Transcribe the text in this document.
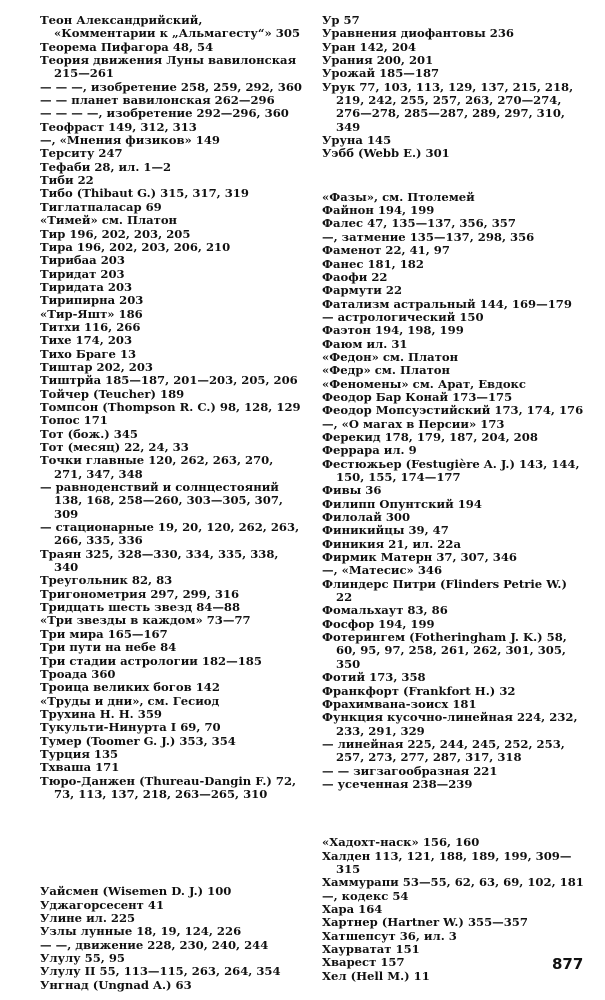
Теон Александрийский, «Комментарии к „Альмагесту“» 305
Теорема Пифагора 48, 54
Теория движения Луны вавилонская 215—261
— — —, изобретение 258, 259, 292, 360
— — планет вавилонская 262—296
— — — —, изобретение 292—296, 360
Теофраст 149, 312, 313
—, «Мнения физиков» 149
Терситу 247
Тефаби 28, ил. 1—2
Тиби 22
Тибо (Thibaut G.) 315, 317, 319
Тиглатпаласар 69
«Тимей» см. Платон
Тир 196, 202, 203, 205
Тира 196, 202, 203, 206, 210
Тирибаа 203
Тиридат 203
Тиридата 203
Тирипирна 203
«Тир-Яшт» 186
Титхи 116, 266
Тихе 174, 203
Тихо Браге 13
Тиштар 202, 203
Тиштрйа 185—187, 201—203, 205, 206
Тойчер (Teucher) 189
Томпсон (Thompson R. C.) 98, 128, 129
Топос 171
Тот (бож.) 345
Тот (месяц) 22, 24, 33
Точки главные 120, 262, 263, 270, 271, 347, 348
— равноденствий и солнцестояний 138, 168, 258—260, 303—305, 307, 309
— стационарные 19, 20, 120, 262, 263, 266, 335, 336
Траян 325, 328—330, 334, 335, 338, 340
Треугольник 82, 83
Тригонометрия 297, 299, 316
Тридцать шесть звезд 84—88
«Три звезды в каждом» 73—77
Три мира 165—167
Три пути на небе 84
Три стадии астрологии 182—185
Троада 360
Троица великих богов 142
«Труды и дни», см. Гесиод
Трухина Н. Н. 359
Тукульти-Нинурта I 69, 70
Тумер (Toomer G. J.) 353, 354
Турция 135
Тхваша 171
Тюро-Данжен (Thureau-Dangin F.) 72, 73, 113, 137, 218, 263—265, 310
Уайсмен (Wisemen D. J.) 100
Уджагорсесент 41
Улине ил. 225
Узлы лунные 18, 19, 124, 226
— —, движение 228, 230, 240, 244
Улулу 55, 95
Улулу II 55, 113—115, 263, 264, 354
Унгнад (Ungnad A.) 63
Ур 57
Уравнения диофантовы 236
Уран 142, 204
Урания 200, 201
Урожай 185—187
Урук 77, 103, 113, 129, 137, 215, 218, 219, 242, 255, 257, 263, 270—274, 276—278, 285—287, 289, 297, 310, 349
Уруна 145
Уэбб (Webb E.) 301
«Фазы», см. Птолемей
Файнон 194, 199
Фалес 47, 135—137, 356, 357
—, затмение 135—137, 298, 356
Фаменот 22, 41, 97
Фанес 181, 182
Фаофи 22
Фармути 22
Фатализм астральный 144, 169—179
— астрологический 150
Фаэтон 194, 198, 199
Фаюм ил. 31
«Федон» см. Платон
«Федр» см. Платон
«Феномены» см. Арат, Евдокс
Феодор Бар Конай 173—175
Феодор Мопсуэстийский 173, 174, 176
—, «О магах в Персии» 173
Ферекид 178, 179, 187, 204, 208
Феррара ил. 9
Фестюжьер (Festugière A. J.) 143, 144, 150, 155, 174—177
Фивы 36
Филипп Опунтский 194
Филолай 300
Финикийцы 39, 47
Финикия 21, ил. 22а
Фирмик Матерн 37, 307, 346
—, «Матесис» 346
Флиндерс Питри (Flinders Petrie W.) 22
Фомальхаут 83, 86
Фосфор 194, 199
Фотерингем (Fotheringham J. K.) 58, 60, 95, 97, 258, 261, 262, 301, 305, 350
Фотий 173, 358
Франкфорт (Frankfort H.) 32
Фрахимвана-зоисх 181
Функция кусочно-линейная 224, 232, 233, 291, 329
— линейная 225, 244, 245, 252, 253, 257, 273, 277, 287, 317, 318
— — зигзагообразная 221
— усеченная 238—239
«Хадохт-наск» 156, 160
Халден 113, 121, 188, 189, 199, 309—315
Хаммурапи 53—55, 62, 63, 69, 102, 181
—, кодекс 54
Хара 164
Хартнер (Hartner W.) 355—357
Хатшепсут 36, ил. 3
Хаурватат 151
Хварест 157
Хел (Hell M.) 11
877
